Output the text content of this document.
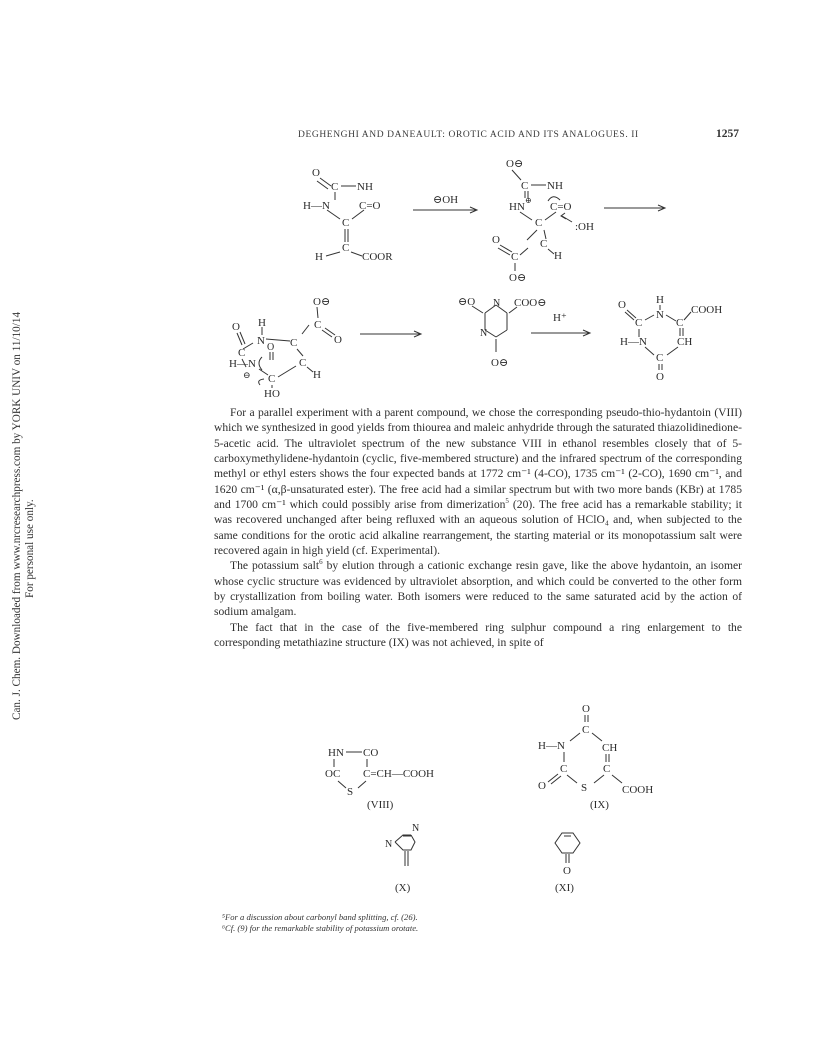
Can. J. Chem. Downloaded from www.nrcresearchpress.com by YORK UNIV on 11/10/14 For personal use only.
DEGHENGHI AND DANEAULT: OROTIC ACID AND ITS ANALOGUES. II	1257
O
C NH
H—N	C=O
C
C
H	COOR
⊖OH
O⊖
C NH
HN
⊕
C=O
C	:OH
C
H
O
C
O⊖
O⊖
C
O
H
N C
O
C O
C
H
H—N
⊖ C
HO
⊖O N
N
COO⊖
O⊖
H⁺
H
N
O
C	C
COOH
CH
H—N
C
O
HN CO
OC C=CH—COOH
S
(VIII)
O
C
H—N	CH
C	C
O	S	COOH
(IX)
N
N
(X)
O
(XI)

For a parallel experiment with a parent compound, we chose the corresponding pseudo-thio-hydantoin (VIII) which we synthesized in good yields from thiourea and maleic anhydride through the saturated thiazolidinedione-5-acetic acid. The ultraviolet spectrum of the new substance VIII in ethanol resembles closely that of 5-carboxymethylidene-hydantoin (cyclic, five-membered structure) and the infrared spectrum of the corresponding methyl or ethyl esters shows the four expected bands at 1772 cm⁻¹ (4-CO), 1735 cm⁻¹ (2-CO), 1690 cm⁻¹, and 1620 cm⁻¹ (α,β-unsaturated ester). The free acid had a similar spectrum but with two more bands (KBr) at 1785 and 1700 cm⁻¹ which could possibly arise from dimerization$^5$ (20). The free acid has a remarkable stability; it was recovered unchanged after being refluxed with an aqueous solution of HClO₄ and, when subjected to the same conditions for the orotic acid alkaline rearrangement, the starting material or its monopotassium salt were recovered again in high yield (cf. Experimental).

The potassium salt$^6$ by elution through a cationic exchange resin gave, like the above hydantoin, an isomer whose cyclic structure was evidenced by ultraviolet absorption, and which could be converted to the other form by crystallization from boiling water. Both isomers were reduced to the same saturated acid by the action of sodium amalgam.

The fact that in the case of the five-membered ring sulphur compound a ring enlargement to the corresponding metathiazine structure (IX) was not achieved, in spite of

⁵For a discussion about carbonyl band splitting, cf. (26).
⁶Cf. (9) for the remarkable stability of potassium orotate.
